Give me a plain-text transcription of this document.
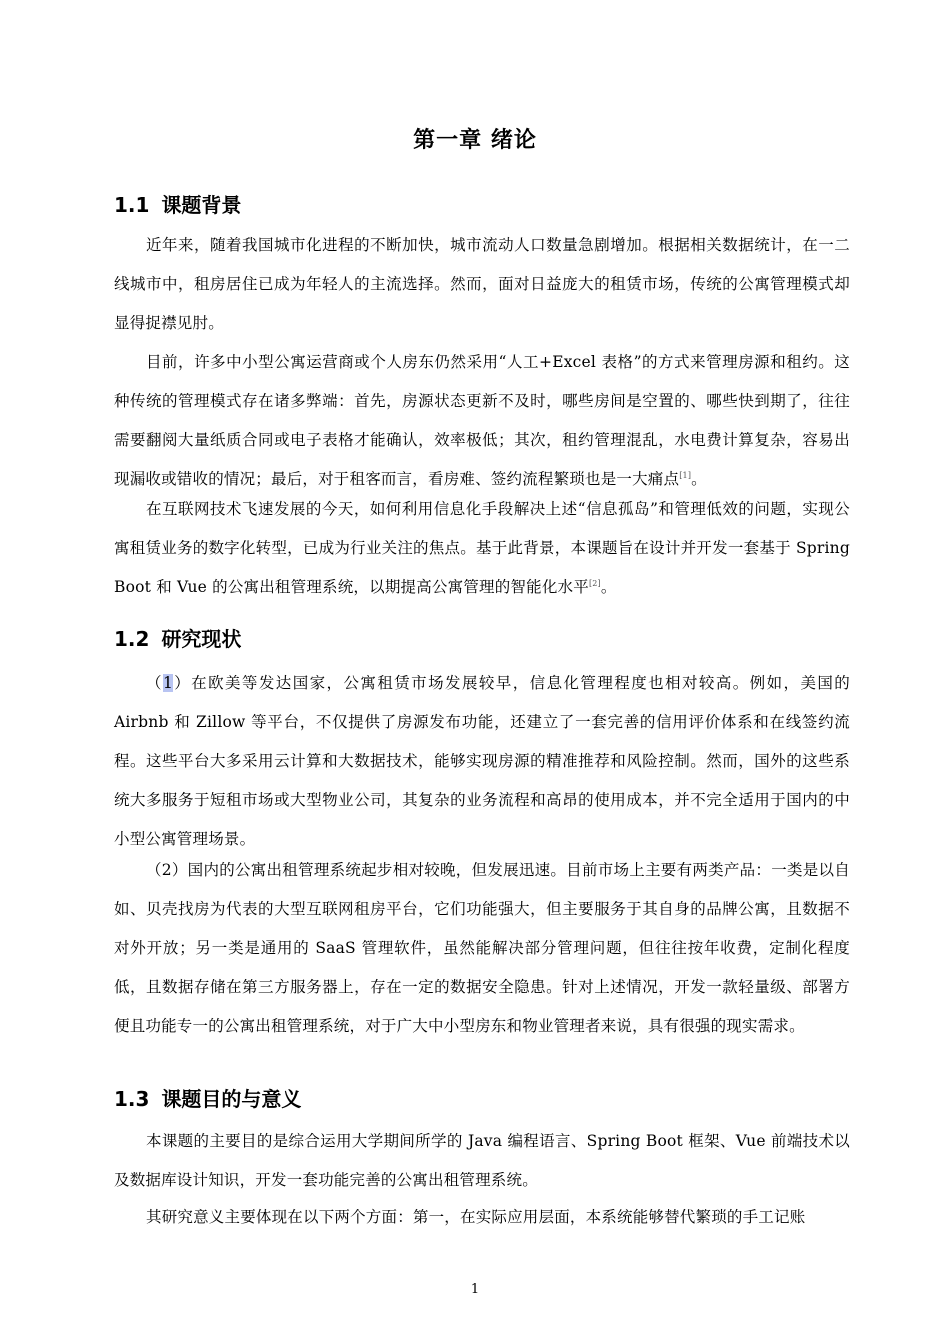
第一章 绪论
1.1 课题背景

近年来，随着我国城市化进程的不断加快，城市流动人口数量急剧增加。根据相关数据统计，在一二线城市中，租房居住已成为年轻人的主流选择。然而，面对日益庞大的租赁市场，传统的公寓管理模式却显得捉襟见肘。

目前，许多中小型公寓运营商或个人房东仍然采用“人工+Excel 表格”的方式来管理房源和租约。这种传统的管理模式存在诸多弊端：首先，房源状态更新不及时，哪些房间是空置的、哪些快到期了，往往需要翻阅大量纸质合同或电子表格才能确认，效率极低；其次，租约管理混乱，水电费计算复杂，容易出现漏收或错收的情况；最后，对于租客而言，看房难、签约流程繁琐也是一大痛点[1]。

在互联网技术飞速发展的今天，如何利用信息化手段解决上述“信息孤岛”和管理低效的问题，实现公寓租赁业务的数字化转型，已成为行业关注的焦点。基于此背景，本课题旨在设计并开发一套基于 Spring Boot 和 Vue 的公寓出租管理系统，以期提高公寓管理的智能化水平[2]。

1.2 研究现状

（1）在欧美等发达国家，公寓租赁市场发展较早，信息化管理程度也相对较高。例如，美国的 Airbnb 和 Zillow 等平台，不仅提供了房源发布功能，还建立了一套完善的信用评价体系和在线签约流程。这些平台大多采用云计算和大数据技术，能够实现房源的精准推荐和风险控制。然而，国外的这些系统大多服务于短租市场或大型物业公司，其复杂的业务流程和高昂的使用成本，并不完全适用于国内的中小型公寓管理场景。

（2）国内的公寓出租管理系统起步相对较晚，但发展迅速。目前市场上主要有两类产品：一类是以自如、贝壳找房为代表的大型互联网租房平台，它们功能强大，但主要服务于其自身的品牌公寓，且数据不对外开放；另一类是通用的 SaaS 管理软件，虽然能解决部分管理问题，但往往按年收费，定制化程度低，且数据存储在第三方服务器上，存在一定的数据安全隐患。针对上述情况，开发一款轻量级、部署方便且功能专一的公寓出租管理系统，对于广大中小型房东和物业管理者来说，具有很强的现实需求。

1.3 课题目的与意义

本课题的主要目的是综合运用大学期间所学的 Java 编程语言、Spring Boot 框架、Vue 前端技术以及数据库设计知识，开发一套功能完善的公寓出租管理系统。

其研究意义主要体现在以下两个方面：第一，在实际应用层面，本系统能够替代繁琐的手工记账

1
